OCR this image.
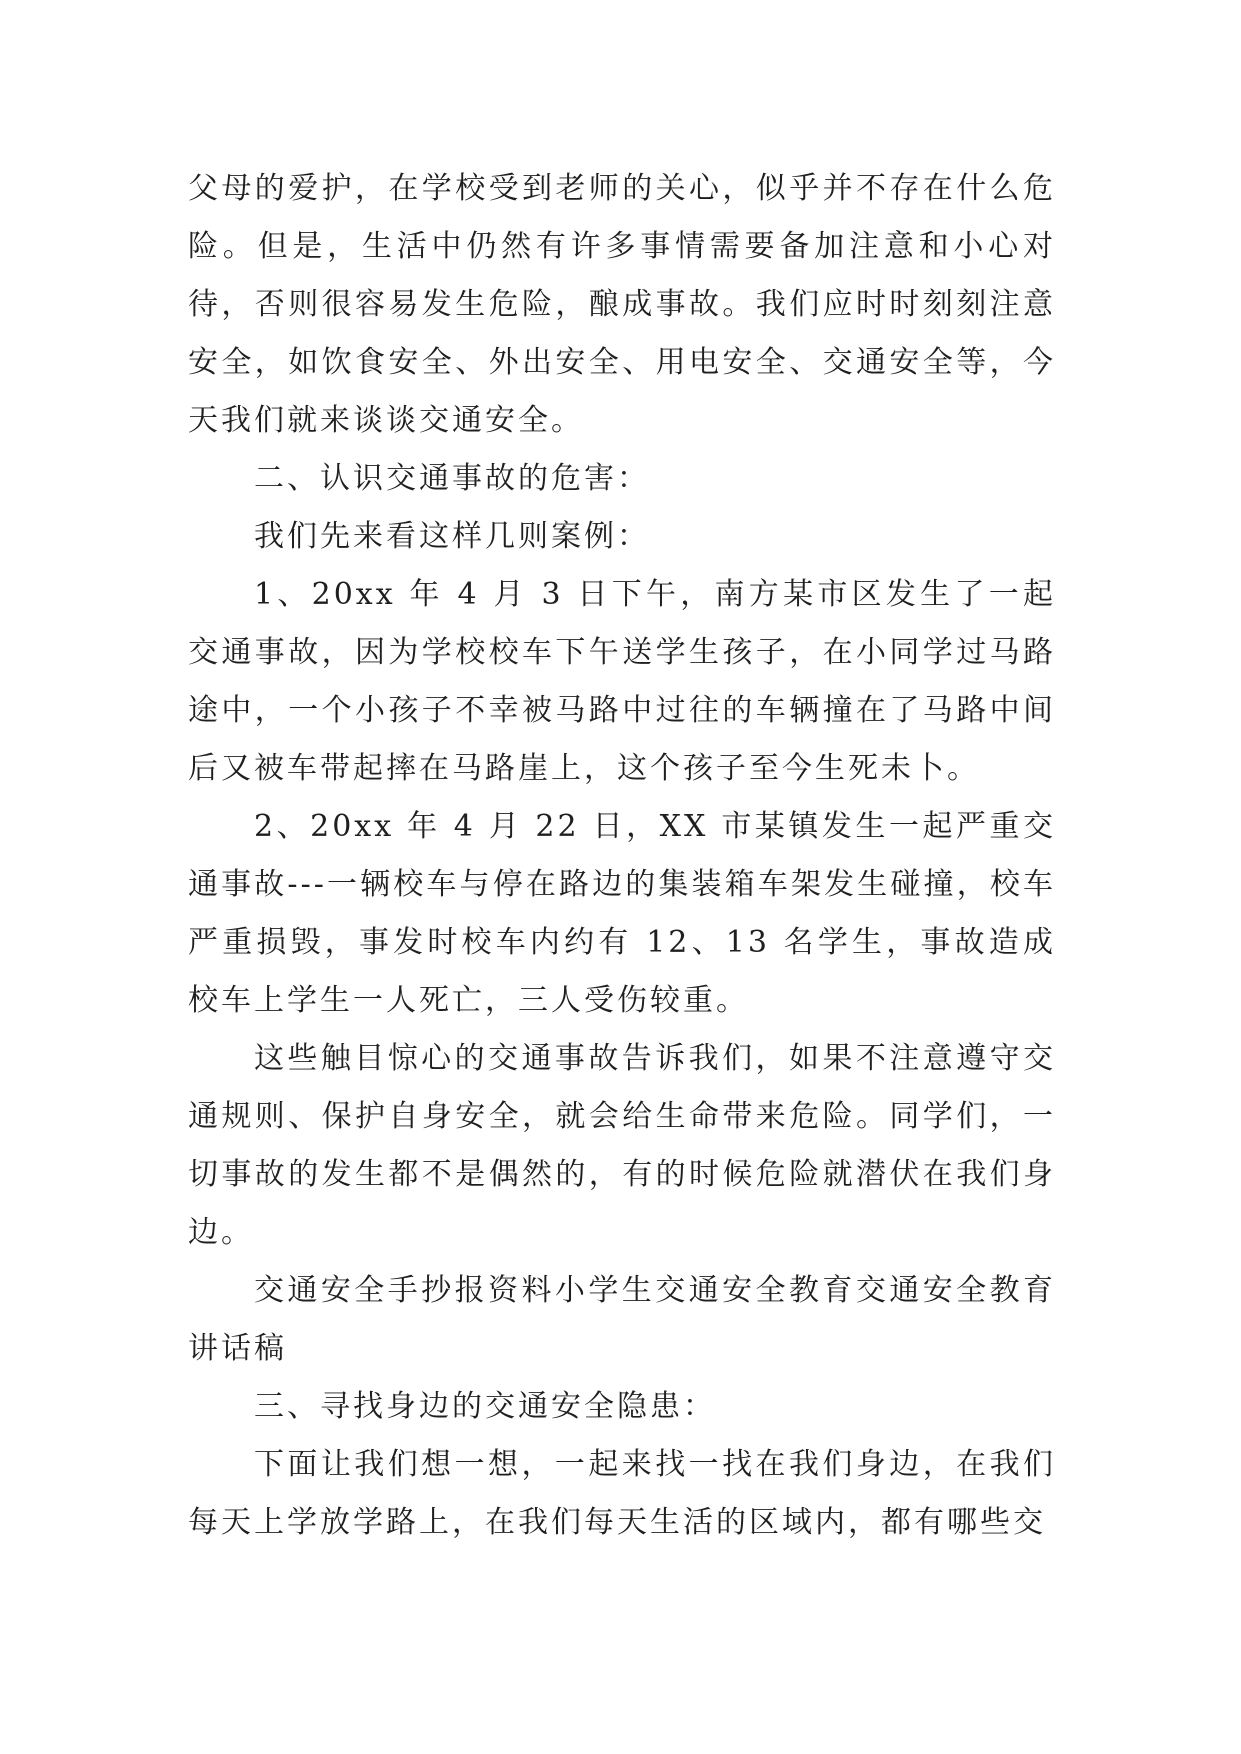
父母的爱护，在学校受到老师的关心，似乎并不存在什么危险。但是，生活中仍然有许多事情需要备加注意和小心对待，否则很容易发生危险，酿成事故。我们应时时刻刻注意安全，如饮食安全、外出安全、用电安全、交通安全等，今天我们就来谈谈交通安全。

二、认识交通事故的危害：

我们先来看这样几则案例：

1、20xx 年 4 月 3 日下午，南方某市区发生了一起交通事故，因为学校校车下午送学生孩子，在小同学过马路途中，一个小孩子不幸被马路中过往的车辆撞在了马路中间后又被车带起摔在马路崖上，这个孩子至今生死未卜。

2、20xx 年 4 月 22 日，XX 市某镇发生一起严重交通事故---一辆校车与停在路边的集装箱车架发生碰撞，校车严重损毁，事发时校车内约有 12、13 名学生，事故造成校车上学生一人死亡，三人受伤较重。

这些触目惊心的交通事故告诉我们，如果不注意遵守交通规则、保护自身安全，就会给生命带来危险。同学们，一切事故的发生都不是偶然的，有的时候危险就潜伏在我们身边。

交通安全手抄报资料小学生交通安全教育交通安全教育讲话稿

三、寻找身边的交通安全隐患：

下面让我们想一想，一起来找一找在我们身边，在我们每天上学放学路上，在我们每天生活的区域内，都有哪些交
